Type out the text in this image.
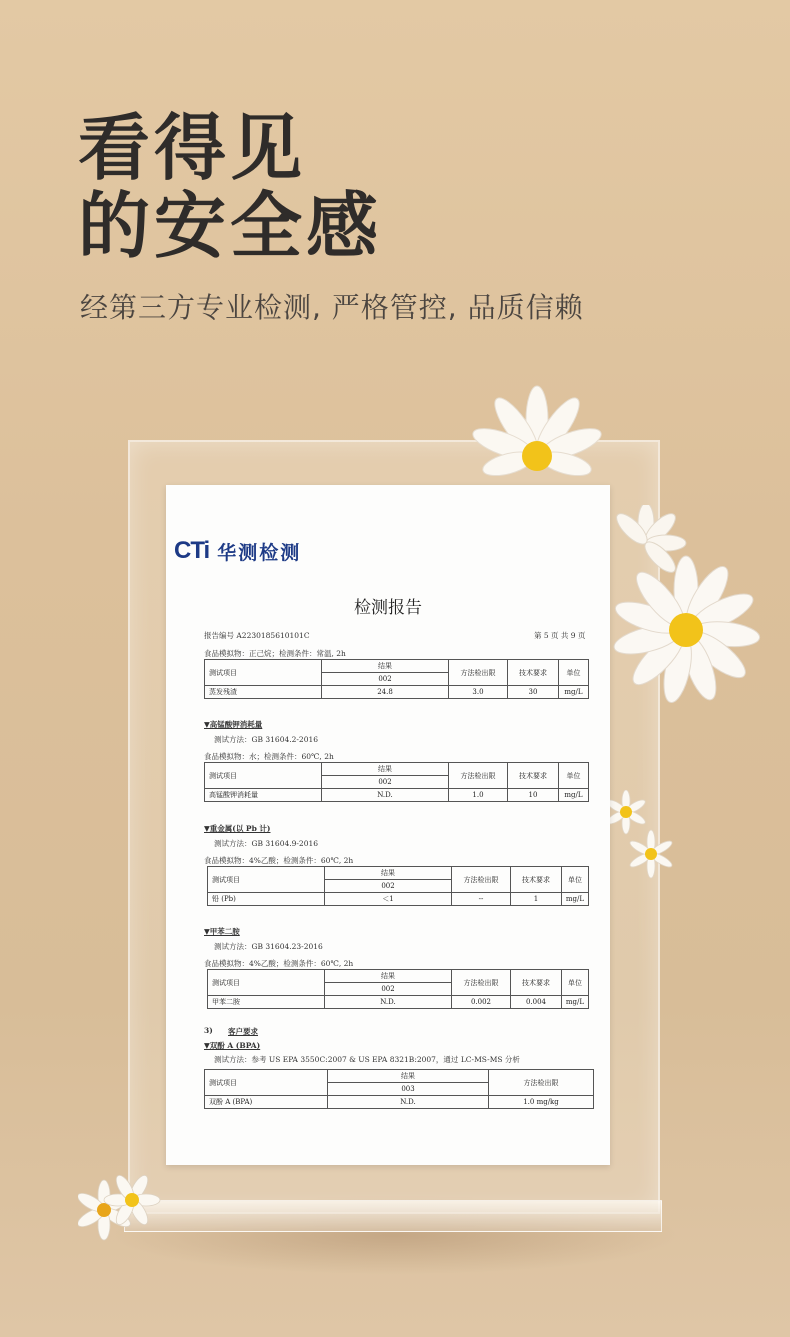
看得见
的安全感
经第三方专业检测, 严格管控, 品质信赖
CTi 华测检测
检测报告
报告编号 A2230185610101C	第 5 页 共 9 页
食品模拟物：正己烷；检测条件：常温, 2h
测试项目	结果	方法检出限	技术要求	单位
	002			
蒸发残渣	24.8	3.0	30	mg/L
▼高锰酸钾消耗量
测试方法：GB 31604.2-2016
食品模拟物：水；检测条件：60℃, 2h
测试项目	结果	方法检出限	技术要求	单位
	002			
高锰酸钾消耗量	N.D.	1.0	10	mg/L
▼重金属(以 Pb 计)
测试方法：GB 31604.9-2016
食品模拟物：4%乙酸；检测条件：60℃, 2h
测试项目	结果	方法检出限	技术要求	单位
	002			
铅 (Pb)	＜1	--	1	mg/L
▼甲苯二胺
测试方法：GB 31604.23-2016
食品模拟物：4%乙酸；检测条件：60℃, 2h
测试项目	结果	方法检出限	技术要求	单位
	002			
甲苯二胺	N.D.	0.002	0.004	mg/L
3) 客户要求
▼双酚 A (BPA)
测试方法：参考 US EPA 3550C:2007 & US EPA 8321B:2007，通过 LC-MS-MS 分析
测试项目	结果	方法检出限
	003	
双酚 A (BPA)	N.D.	1.0 mg/kg
